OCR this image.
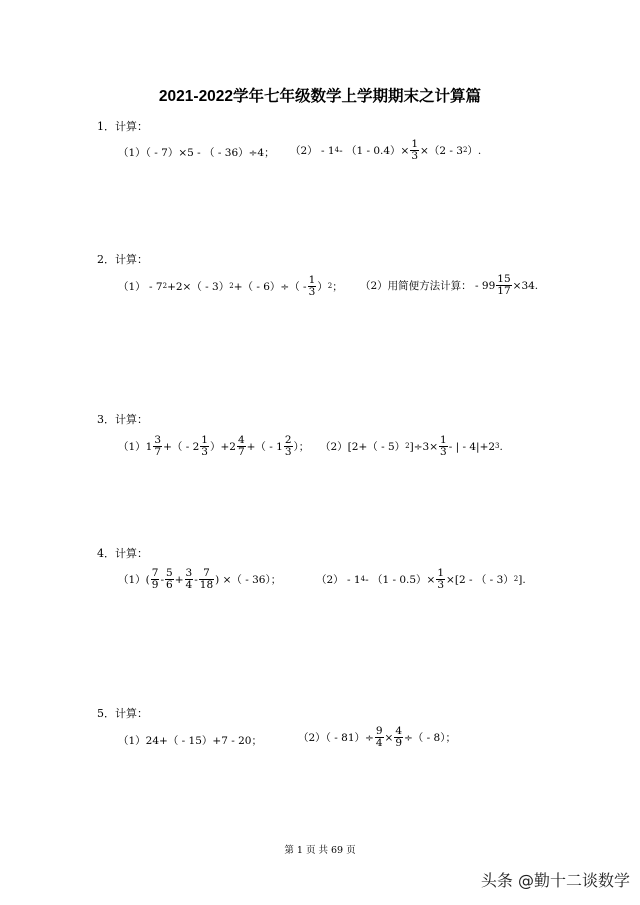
2021-2022学年七年级数学上学期期末之计算篇
1．计算：
（1）（ - 7）×5 - （ - 36）÷4； $(2) - 1^4 - (1 - 0.4)\times \frac{1}{3} \times(2 - 3^2$ ）.
2．计算：
$(1) - 7^2 +2\times( - 3)^2$ +（ - $6)\div( - \frac{1}{3} )^2$ ； （2）用简便方法计算： - $99 \frac{15}{17} \times 34$.
3．计算：
$(1)1 \frac{3}{7}$ +（ - $2 \frac{1}{3} )+2 \frac{4}{7}$ +（ - $1 \frac{2}{3}$ ）； （2）[2+（ - 5）$^2$ ]$\div 3\times \frac{1}{3}$ - | - $4|+2^3$ .
4．计算：
$(1)( \frac{7}{9} - \frac{5}{6} + \frac{3}{4} - \frac{7}{18}$ ) ×（ - 36）；	$(2) - 1^4 - (1 - 0.5)\times \frac{1}{3} \times[2$ - （ - 3）$^2$ ].
5．计算：
（1）24+（ - 15）+7 - 20；	$(2)( - 81)\div \frac{9}{4} \times \frac{4}{9}$ ÷（ - 8）；
第 1 页 共 69 页
头条 @勤十二谈数学
